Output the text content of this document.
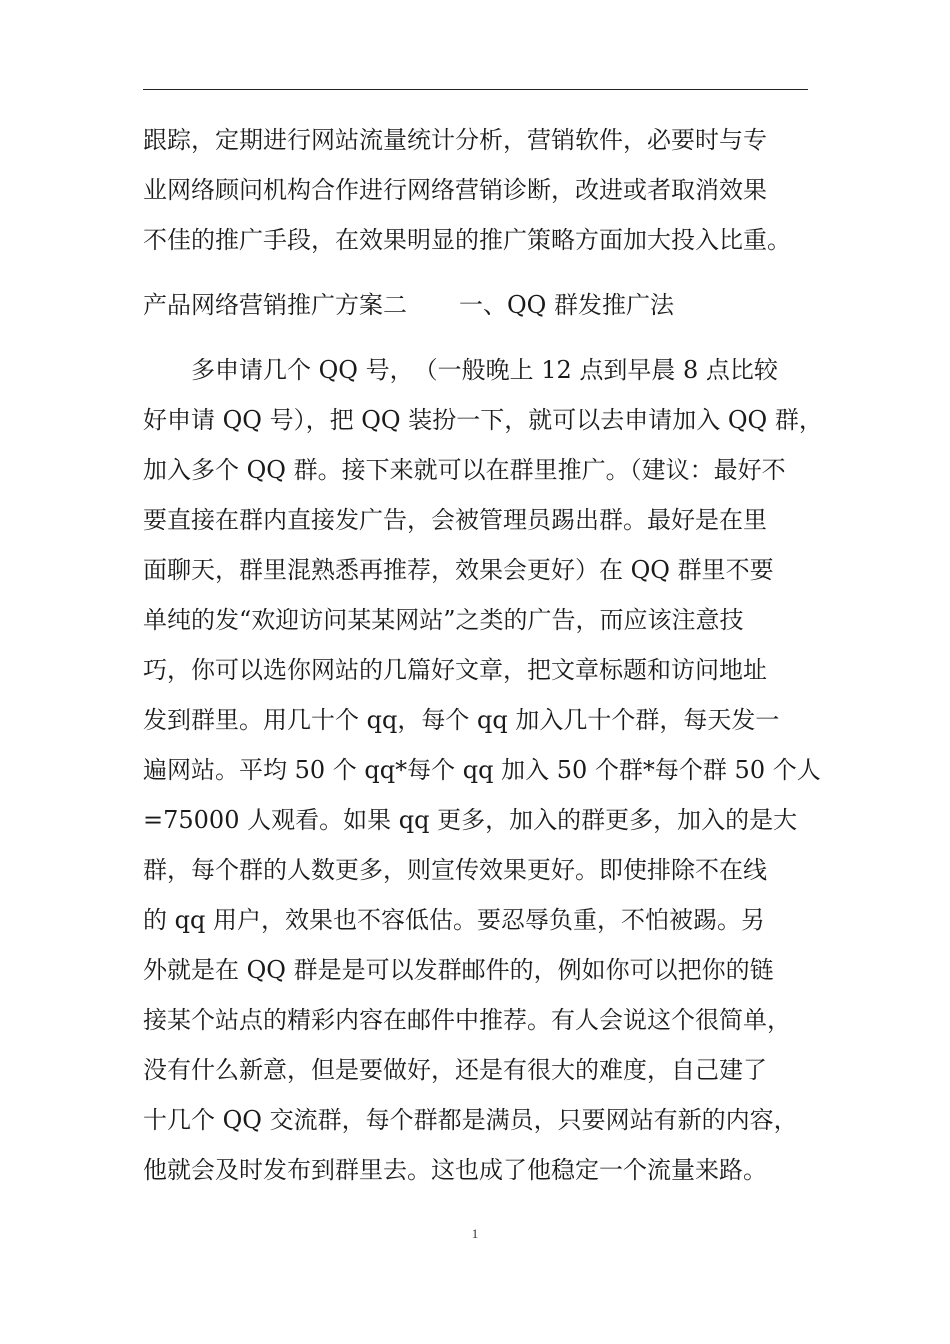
跟踪，定期进行网站流量统计分析，营销软件，必要时与专
业网络顾问机构合作进行网络营销诊断，改进或者取消效果
不佳的推广手段，在效果明显的推广策略方面加大投入比重。
产品网络营销推广方案二 一、QQ 群发推广法
　　多申请几个 QQ 号，　（一般晚上 12 点到早晨 8 点比较
好申请 QQ 号），把 QQ 装扮一下，就可以去申请加入 QQ 群，
加入多个 QQ 群。接下来就可以在群里推广。（建议：最好不
要直接在群内直接发广告，会被管理员踢出群。最好是在里
面聊天，群里混熟悉再推荐，效果会更好）在 QQ 群里不要
单纯的发“欢迎访问某某网站”之类的广告，而应该注意技
巧，你可以选你网站的几篇好文章，把文章标题和访问地址
发到群里。用几十个 qq，每个 qq 加入几十个群，每天发一
遍网站。平均 50 个 qq*每个 qq 加入 50 个群*每个群 50 个人
=75000 人观看。如果 qq 更多，加入的群更多，加入的是大
群，每个群的人数更多，则宣传效果更好。即使排除不在线
的 qq 用户，效果也不容低估。要忍辱负重，不怕被踢。另
外就是在 QQ 群是是可以发群邮件的，例如你可以把你的链
接某个站点的精彩内容在邮件中推荐。有人会说这个很简单，
没有什么新意，但是要做好，还是有很大的难度，自己建了
十几个 QQ 交流群，每个群都是满员，只要网站有新的内容，
他就会及时发布到群里去。这也成了他稳定一个流量来路。
1
